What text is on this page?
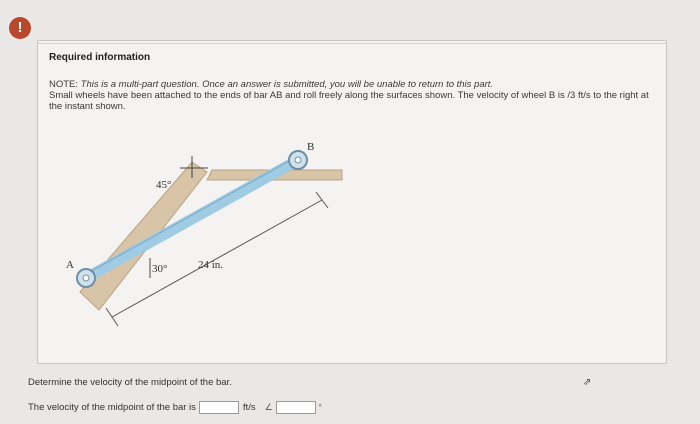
!
Required information
NOTE: This is a multi-part question. Once an answer is submitted, you will be unable to return to this part.
Small wheels have been attached to the ends of bar AB and roll freely along the surfaces shown. The velocity of wheel B is /3 ft/s to the right at the instant shown.
A
B
45°
30°	24 in.
Determine the velocity of the midpoint of the bar.
The velocity of the midpoint of the bar is	ft/s ∠	°
⇗
